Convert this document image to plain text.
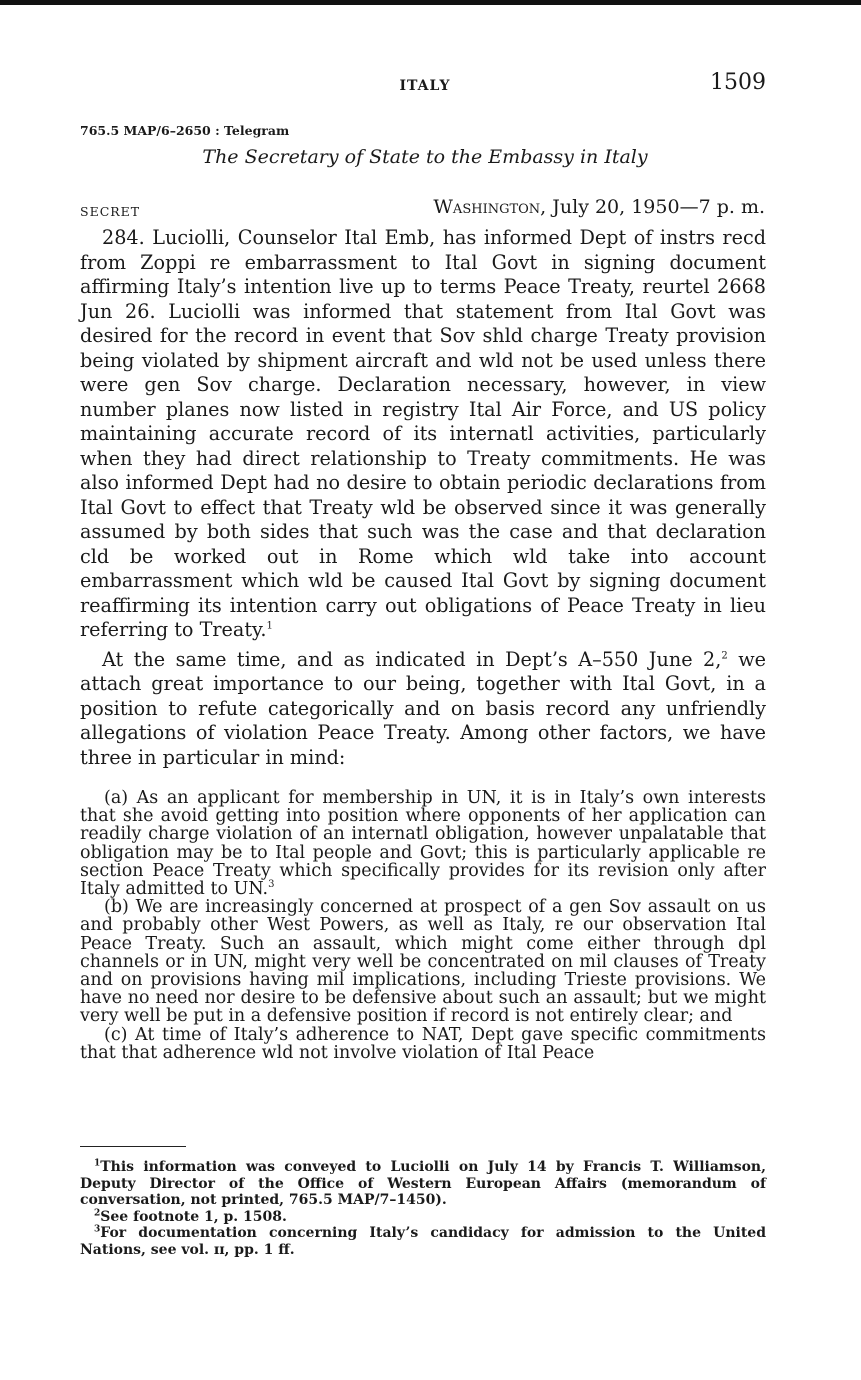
ITALY	1509
765.5 MAP/6–2650 : Telegram
The Secretary of State to the Embassy in Italy
SECRET	Washington, July 20, 1950—7 p. m.

284. Luciolli, Counselor Ital Emb, has informed Dept of instrs recd from Zoppi re embarrassment to Ital Govt in signing document affirming Italy’s intention live up to terms Peace Treaty, reurtel 2668 Jun 26. Luciolli was informed that statement from Ital Govt was desired for the record in event that Sov shld charge Treaty provision being violated by shipment aircraft and wld not be used unless there were gen Sov charge. Declaration necessary, however, in view number planes now listed in registry Ital Air Force, and US policy maintaining accurate record of its internatl activities, particularly when they had direct relationship to Treaty commitments. He was also informed Dept had no desire to obtain periodic declarations from Ital Govt to effect that Treaty wld be observed since it was generally assumed by both sides that such was the case and that declaration cld be worked out in Rome which wld take into account embarrassment which wld be caused Ital Govt by signing document reaffirming its intention carry out obligations of Peace Treaty in lieu referring to Treaty.$^1$

At the same time, and as indicated in Dept’s A–550 June 2,$^2$ we attach great importance to our being, together with Ital Govt, in a position to refute categorically and on basis record any unfriendly allegations of violation Peace Treaty. Among other factors, we have three in particular in mind:

(a) As an applicant for membership in UN, it is in Italy’s own interests that she avoid getting into position where opponents of her application can readily charge violation of an internatl obligation, however unpalatable that obligation may be to Ital people and Govt; this is particularly applicable re section Peace Treaty which specifically provides for its revision only after Italy admitted to UN.$^3$

(b) We are increasingly concerned at prospect of a gen Sov assault on us and probably other West Powers, as well as Italy, re our observation Ital Peace Treaty. Such an assault, which might come either through dpl channels or in UN, might very well be concentrated on mil clauses of Treaty and on provisions having mil implications, including Trieste provisions. We have no need nor desire to be defensive about such an assault; but we might very well be put in a defensive position if record is not entirely clear; and

(c) At time of Italy’s adherence to NAT, Dept gave specific commitments that that adherence wld not involve violation of Ital Peace

$^1$This information was conveyed to Luciolli on July 14 by Francis T. Williamson, Deputy Director of the Office of Western European Affairs (memorandum of conversation, not printed, 765.5 MAP/7–1450).

$^2$See footnote 1, p. 1508.

$^3$For documentation concerning Italy’s candidacy for admission to the United Nations, see vol. ɪɪ, pp. 1 ff.
